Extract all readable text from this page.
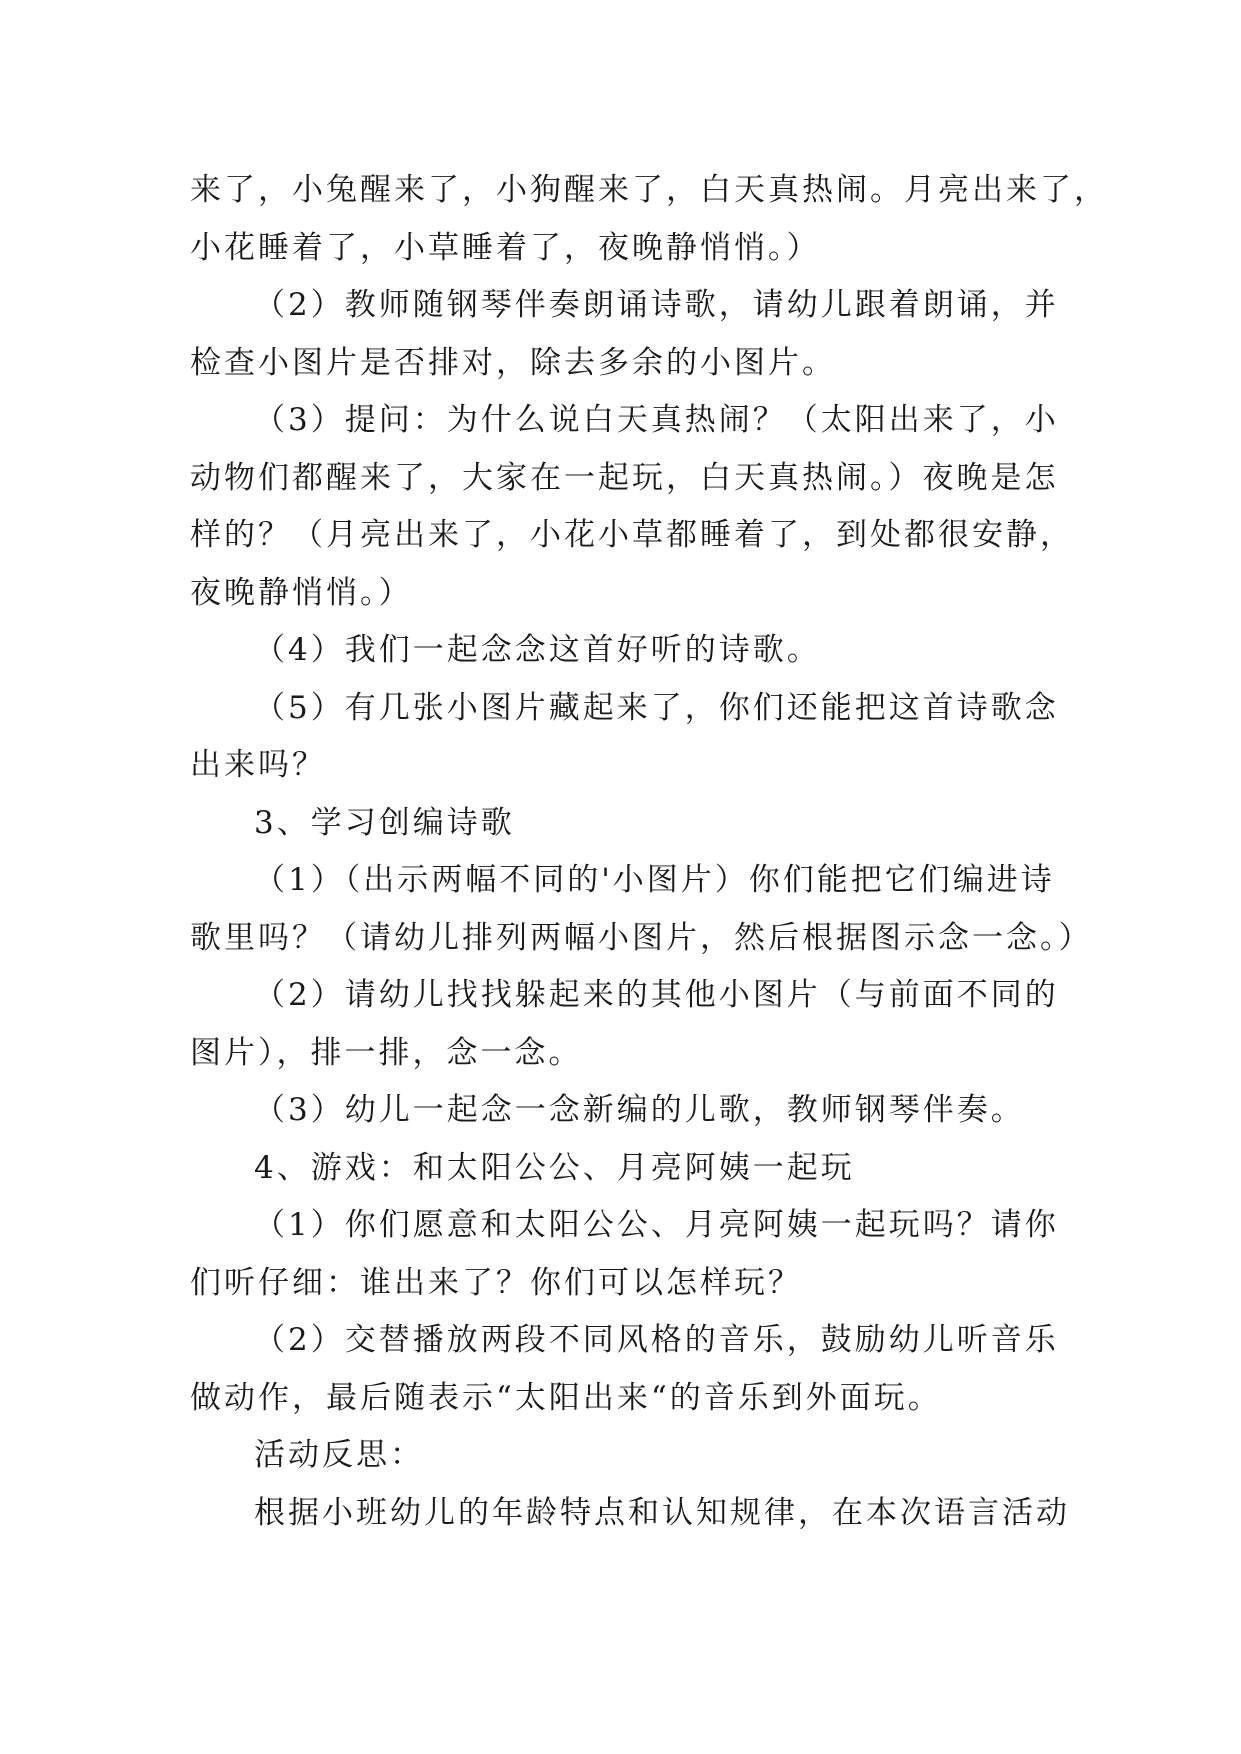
来了，小兔醒来了，小狗醒来了，白天真热闹。月亮出来了，
小花睡着了，小草睡着了，夜晚静悄悄。）
（2）教师随钢琴伴奏朗诵诗歌，请幼儿跟着朗诵，并
检查小图片是否排对，除去多余的小图片。
（3）提问：为什么说白天真热闹？（太阳出来了，小
动物们都醒来了，大家在一起玩，白天真热闹。）夜晚是怎
样的？（月亮出来了，小花小草都睡着了，到处都很安静，
夜晚静悄悄。）
（4）我们一起念念这首好听的诗歌。
（5）有几张小图片藏起来了，你们还能把这首诗歌念
出来吗？
3、学习创编诗歌
（1）（出示两幅不同的'小图片）你们能把它们编进诗
歌里吗？（请幼儿排列两幅小图片，然后根据图示念一念。）
（2）请幼儿找找躲起来的其他小图片（与前面不同的
图片），排一排，念一念。
（3）幼儿一起念一念新编的儿歌，教师钢琴伴奏。
4、游戏：和太阳公公、月亮阿姨一起玩
（1）你们愿意和太阳公公、月亮阿姨一起玩吗？请你
们听仔细：谁出来了？你们可以怎样玩？
（2）交替播放两段不同风格的音乐，鼓励幼儿听音乐
做动作，最后随表示“太阳出来“的音乐到外面玩。
活动反思：
根据小班幼儿的年龄特点和认知规律，在本次语言活动
